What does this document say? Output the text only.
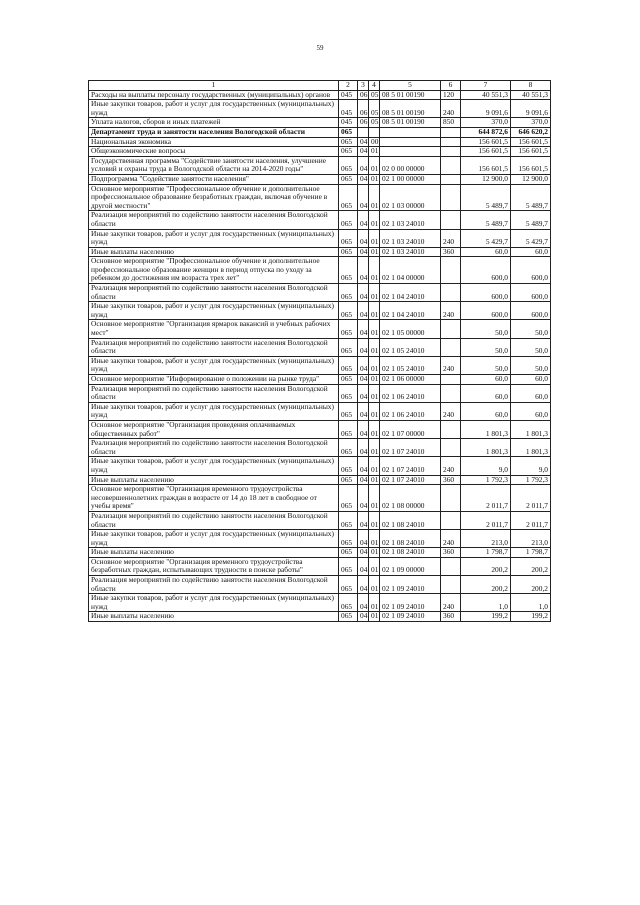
59
1	2	3	4	5	6	7	8
Расходы на выплаты персоналу государственных (муниципальных) органов	045	06	05	08 5 01 00190	120	40 551,3	40 551,3
Иные закупки товаров, работ и услуг для государственных (муниципальных) нужд	045	06	05	08 5 01 00190	240	9 091,6	9 091,6
Уплата налогов, сборов и иных платежей	045	06	05	08 5 01 00190	850	370,0	370,0
Департамент труда и занятости населения Вологодской области	065					644 872,6	646 620,2
Национальная экономика	065	04	00			156 601,5	156 601,5
Общеэкономические вопросы	065	04	01			156 601,5	156 601,5
Государственная программа "Содействие занятости населения, улучшение условий и охраны труда в Вологодской области на 2014-2020 годы"	065	04	01	02 0 00 00000		156 601,5	156 601,5
Подпрограмма "Содействие занятости населения"	065	04	01	02 1 00 00000		12 900,0	12 900,0
Основное мероприятие "Профессиональное обучение и дополнительное профессиональное образование безработных граждан, включая обучение в другой местности"	065	04	01	02 1 03 00000		5 489,7	5 489,7
Реализация мероприятий по содействию занятости населения Вологодской области	065	04	01	02 1 03 24010		5 489,7	5 489,7
Иные закупки товаров, работ и услуг для государственных (муниципальных) нужд	065	04	01	02 1 03 24010	240	5 429,7	5 429,7
Иные выплаты населению	065	04	01	02 1 03 24010	360	60,0	60,0
Основное мероприятие "Профессиональное обучение и дополнительное профессиональное образование женщин в период отпуска по уходу за ребенком до достижения им возраста трех лет"	065	04	01	02 1 04 00000		600,0	600,0
Реализация мероприятий по содействию занятости населения Вологодской области	065	04	01	02 1 04 24010		600,0	600,0
Иные закупки товаров, работ и услуг для государственных (муниципальных) нужд	065	04	01	02 1 04 24010	240	600,0	600,0
Основное мероприятие "Организация ярмарок вакансий и учебных рабочих мест"	065	04	01	02 1 05 00000		50,0	50,0
Реализация мероприятий по содействию занятости населения Вологодской области	065	04	01	02 1 05 24010		50,0	50,0
Иные закупки товаров, работ и услуг для государственных (муниципальных) нужд	065	04	01	02 1 05 24010	240	50,0	50,0
Основное мероприятие "Информирование о положении на рынке труда"	065	04	01	02 1 06 00000		60,0	60,0
Реализация мероприятий по содействию занятости населения Вологодской области	065	04	01	02 1 06 24010		60,0	60,0
Иные закупки товаров, работ и услуг для государственных (муниципальных) нужд	065	04	01	02 1 06 24010	240	60,0	60,0
Основное мероприятие "Организация проведения оплачиваемых общественных работ"	065	04	01	02 1 07 00000		1 801,3	1 801,3
Реализация мероприятий по содействию занятости населения Вологодской области	065	04	01	02 1 07 24010		1 801,3	1 801,3
Иные закупки товаров, работ и услуг для государственных (муниципальных) нужд	065	04	01	02 1 07 24010	240	9,0	9,0
Иные выплаты населению	065	04	01	02 1 07 24010	360	1 792,3	1 792,3
Основное мероприятие "Организация временного трудоустройства несовершеннолетних граждан в возрасте от 14 до 18 лет в свободное от учебы время"	065	04	01	02 1 08 00000		2 011,7	2 011,7
Реализация мероприятий по содействию занятости населения Вологодской области	065	04	01	02 1 08 24010		2 011,7	2 011,7
Иные закупки товаров, работ и услуг для государственных (муниципальных) нужд	065	04	01	02 1 08 24010	240	213,0	213,0
Иные выплаты населению	065	04	01	02 1 08 24010	360	1 798,7	1 798,7
Основное мероприятие "Организация временного трудоустройства безработных граждан, испытывающих трудности в поиске работы"	065	04	01	02 1 09 00000		200,2	200,2
Реализация мероприятий по содействию занятости населения Вологодской области	065	04	01	02 1 09 24010		200,2	200,2
Иные закупки товаров, работ и услуг для государственных (муниципальных) нужд	065	04	01	02 1 09 24010	240	1,0	1,0
Иные выплаты населению	065	04	01	02 1 09 24010	360	199,2	199,2
